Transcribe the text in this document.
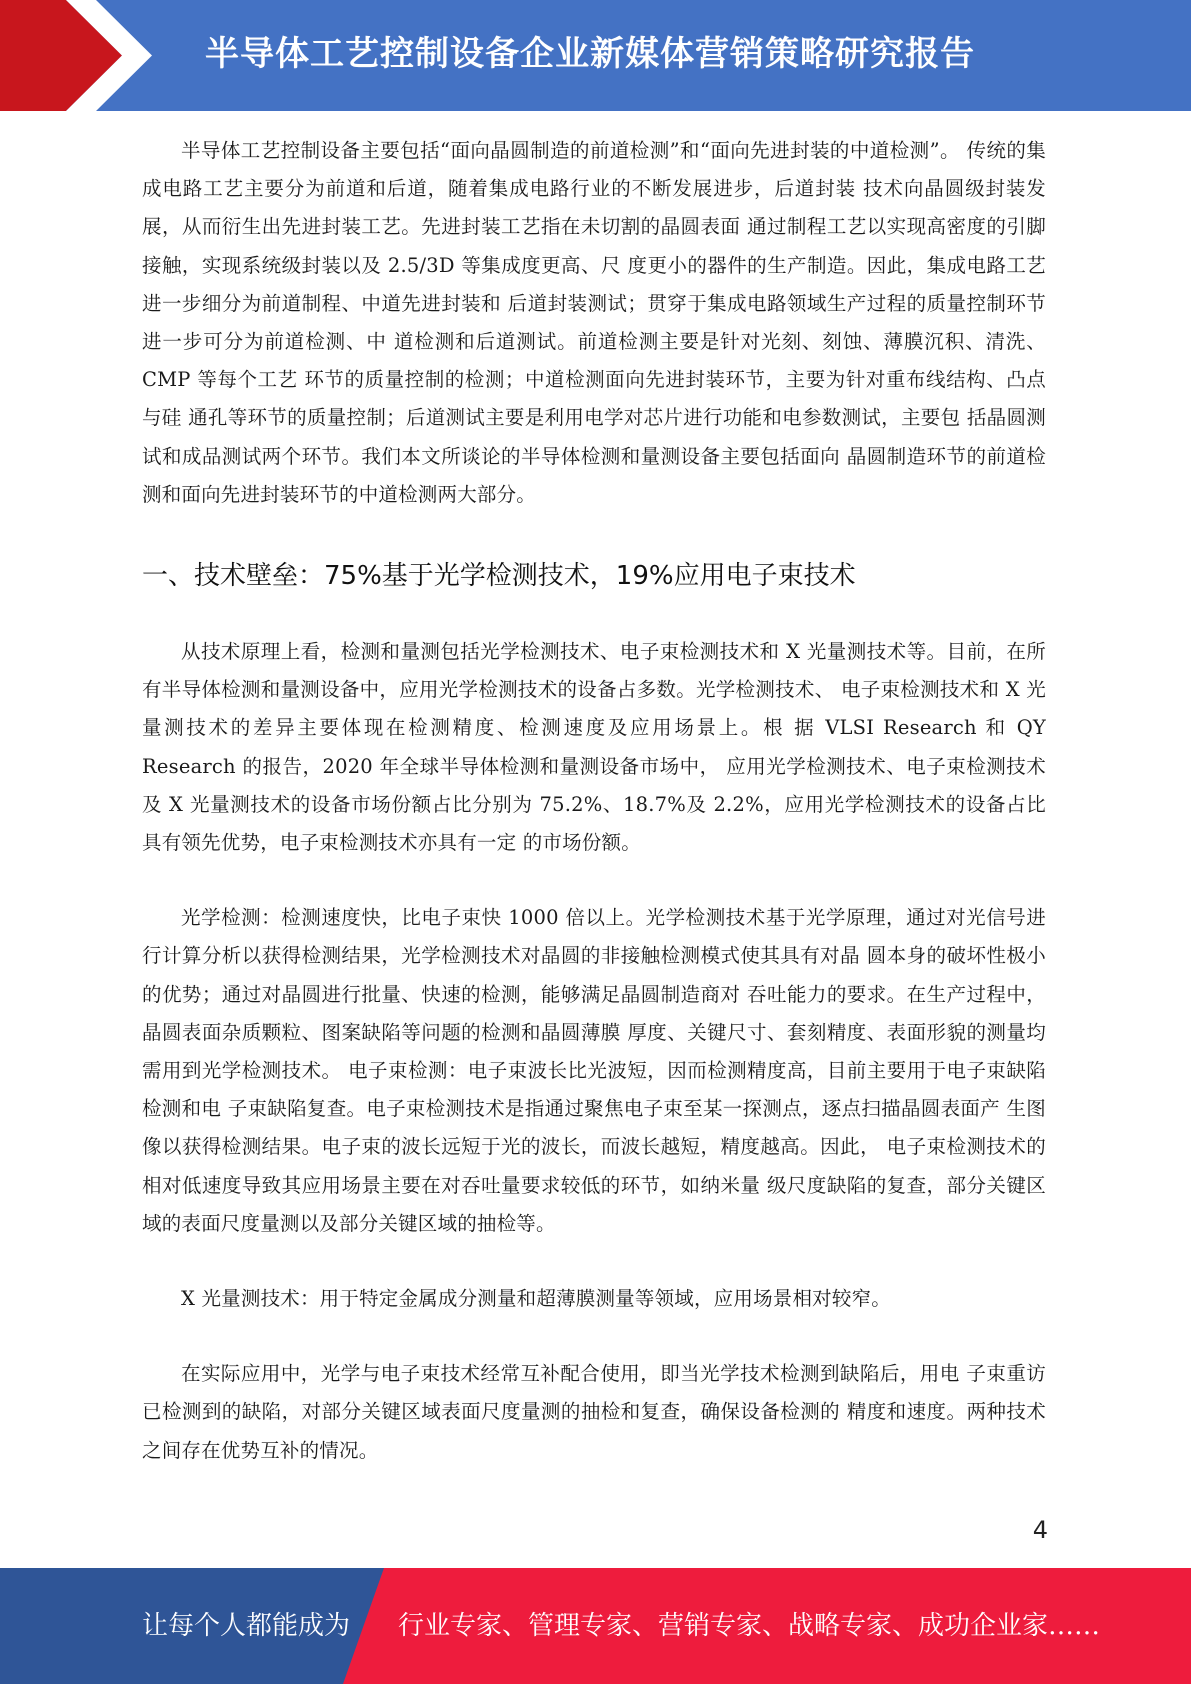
半导体工艺控制设备企业新媒体营销策略研究报告

半导体工艺控制设备主要包括“面向晶圆制造的前道检测”和“面向先进封装的中道检测”。 传统的集成电路工艺主要分为前道和后道，随着集成电路行业的不断发展进步，后道封装 技术向晶圆级封装发展，从而衍生出先进封装工艺。先进封装工艺指在未切割的晶圆表面 通过制程工艺以实现高密度的引脚接触，实现系统级封装以及 2.5/3D 等集成度更高、尺 度更小的器件的生产制造。因此，集成电路工艺进一步细分为前道制程、中道先进封装和 后道封装测试；贯穿于集成电路领域生产过程的质量控制环节进一步可分为前道检测、中 道检测和后道测试。前道检测主要是针对光刻、刻蚀、薄膜沉积、清洗、CMP 等每个工艺 环节的质量控制的检测；中道检测面向先进封装环节，主要为针对重布线结构、凸点与硅 通孔等环节的质量控制；后道测试主要是利用电学对芯片进行功能和电参数测试，主要包 括晶圆测试和成品测试两个环节。我们本文所谈论的半导体检测和量测设备主要包括面向 晶圆制造环节的前道检测和面向先进封装环节的中道检测两大部分。

一、技术壁垒：75%基于光学检测技术，19%应用电子束技术

从技术原理上看，检测和量测包括光学检测技术、电子束检测技术和 X 光量测技术等。目前，在所有半导体检测和量测设备中，应用光学检测技术的设备占多数。光学检测技术、 电子束检测技术和 X 光量测技术的差异主要体现在检测精度、检测速度及应用场景上。根 据 VLSI Research 和 QY Research 的报告，2020 年全球半导体检测和量测设备市场中， 应用光学检测技术、电子束检测技术及 X 光量测技术的设备市场份额占比分别为 75.2%、18.7%及 2.2%，应用光学检测技术的设备占比具有领先优势，电子束检测技术亦具有一定 的市场份额。

光学检测：检测速度快，比电子束快 1000 倍以上。光学检测技术基于光学原理，通过对光信号进行计算分析以获得检测结果，光学检测技术对晶圆的非接触检测模式使其具有对晶 圆本身的破坏性极小的优势；通过对晶圆进行批量、快速的检测，能够满足晶圆制造商对 吞吐能力的要求。在生产过程中，晶圆表面杂质颗粒、图案缺陷等问题的检测和晶圆薄膜 厚度、关键尺寸、套刻精度、表面形貌的测量均需用到光学检测技术。 电子束检测：电子束波长比光波短，因而检测精度高，目前主要用于电子束缺陷检测和电 子束缺陷复查。电子束检测技术是指通过聚焦电子束至某一探测点，逐点扫描晶圆表面产 生图像以获得检测结果。电子束的波长远短于光的波长，而波长越短，精度越高。因此， 电子束检测技术的相对低速度导致其应用场景主要在对吞吐量要求较低的环节，如纳米量 级尺度缺陷的复查，部分关键区域的表面尺度量测以及部分关键区域的抽检等。

X 光量测技术：用于特定金属成分测量和超薄膜测量等领域，应用场景相对较窄。

在实际应用中，光学与电子束技术经常互补配合使用，即当光学技术检测到缺陷后，用电 子束重访已检测到的缺陷，对部分关键区域表面尺度量测的抽检和复查，确保设备检测的 精度和速度。两种技术之间存在优势互补的情况。

4
让每个人都能成为 行业专家、管理专家、营销专家、战略专家、成功企业家……
